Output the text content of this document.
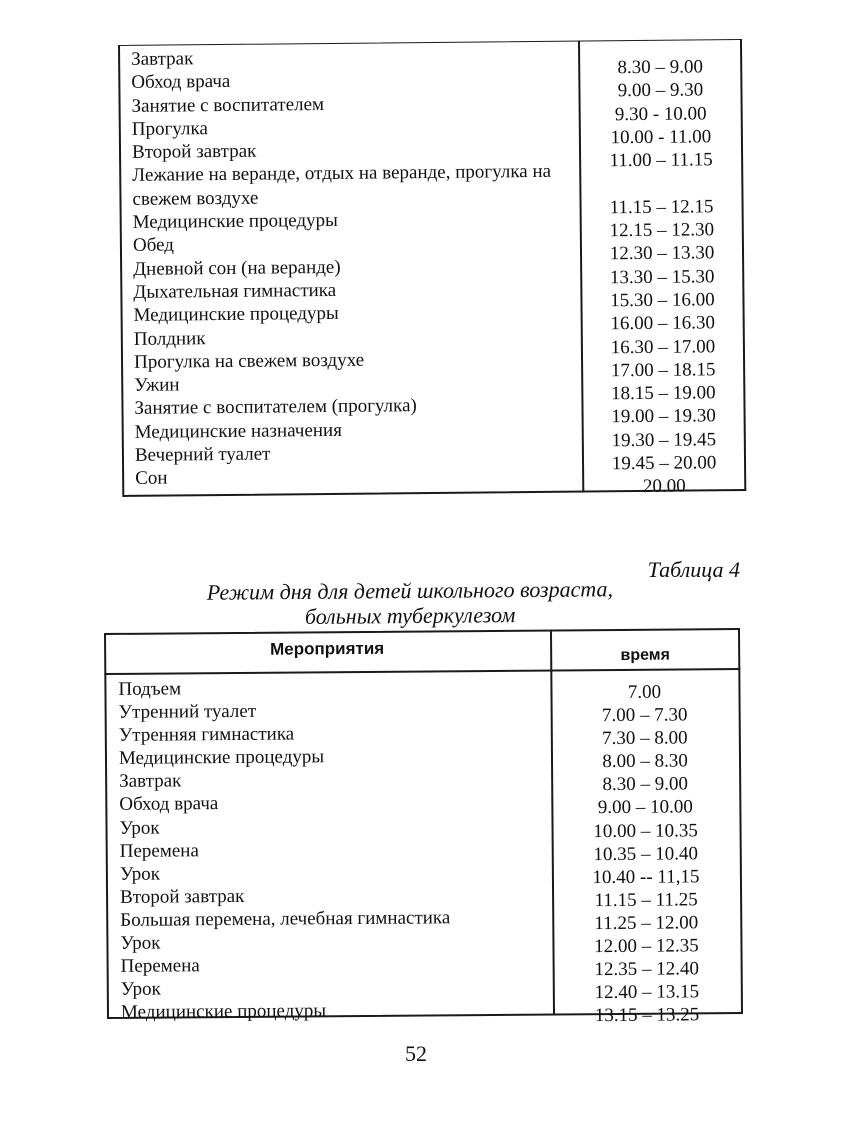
Завтрак
Обход врача
Занятие с воспитателем
Прогулка
Второй завтрак
Лежание на веранде, отдых на веранде, прогулка на свежем воздухе
Медицинские процедуры
Обед
Дневной сон (на веранде)
Дыхательная гимнастика
Медицинские процедуры
Полдник
Прогулка на свежем воздухе
Ужин
Занятие с воспитателем (прогулка)
Медицинские назначения
Вечерний туалет
Сон
8.30 – 9.00
9.00 – 9.30
9.30 - 10.00
10.00 - 11.00
11.00 – 11.15
11.15 – 12.15
12.15 – 12.30
12.30 – 13.30
13.30 – 15.30
15.30 – 16.00
16.00 – 16.30
16.30 – 17.00
17.00 – 18.15
18.15 – 19.00
19.00 – 19.30
19.30 – 19.45
19.45 – 20.00
20.00
Таблица 4
Режим дня для детей школьного возраста,
больных туберкулезом
Мероприятия	время
Подъем
Утренний туалет
Утренняя гимнастика
Медицинские процедуры
Завтрак
Обход врача
Урок
Перемена
Урок
Второй завтрак
Большая перемена, лечебная гимнастика
Урок
Перемена
Урок
Медицинские процедуры
7.00
7.00 – 7.30
7.30 – 8.00
8.00 – 8.30
8.30 – 9.00
9.00 – 10.00
10.00 – 10.35
10.35 – 10.40
10.40 -- 11,15
11.15 – 11.25
11.25 – 12.00
12.00 – 12.35
12.35 – 12.40
12.40 – 13.15
13.15 – 13.25
52
